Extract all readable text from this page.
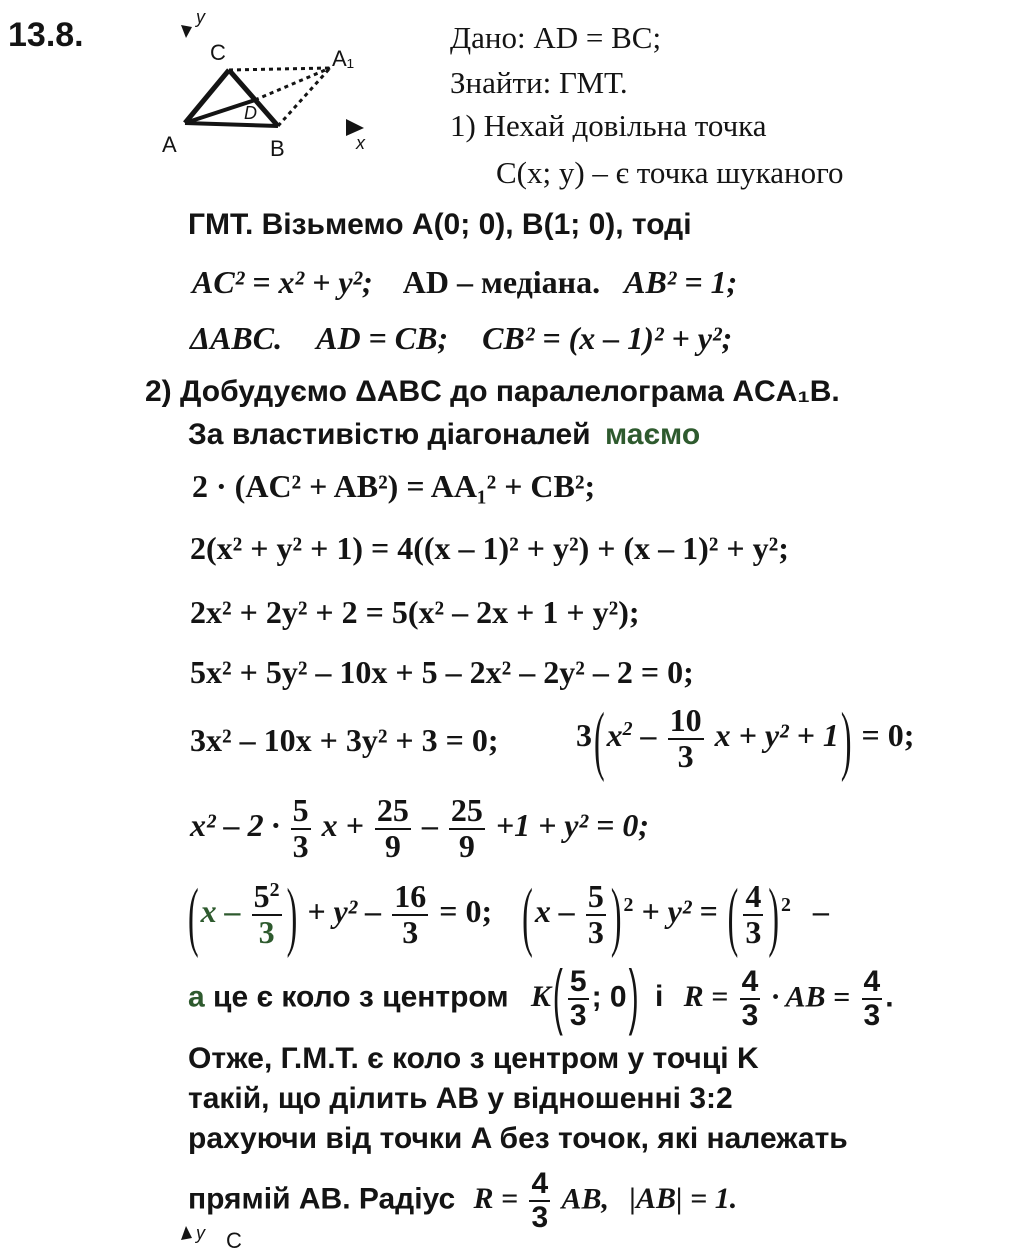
13.8.	y
C	A₁
D
A	B	x
Дано: AD = BC;
Знайти: ГМТ.
1) Нехай довільна точка
C(x; y) – є точка шуканого
ГМТ. Візьмемо A(0; 0), B(1; 0), тоді
AC² = x² + y²; AD – медіана. AB² = 1;
ΔABC. AD = CB; CB² = (x – 1)² + y²;
2) Добудуємо ΔABC до паралелограма ACA₁B.
За властивістю діагоналей маємо
2 · (AC² + AB²) = AA₁² + CB²;
2(x² + y² + 1) = 4((x – 1)² + y²) + (x – 1)² + y²;
2x² + 2y² + 2 = 5(x² – 2x + 1 + y²);
5x² + 5y² – 10x + 5 – 2x² – 2y² – 2 = 0;
3x² – 10x + 3y² + 3 = 0; $3(x^2 - \frac{10}{3}$ x + y² + 1) = 0;
$x^2 - 2 \cdot \frac{5}{3}$ $x + \frac{25}{9} - \frac{25}{9} +1 + y^2 = 0$;
($x - \frac{5^2}{3}$ ) + $y^2 - \frac{16}{3} = 0$; ($x - \frac{5}{3}$ ) $^2$ + y² = ( $\frac{4}{3}$ ) $^2$ –
а це є коло з центром $K( \frac{5}{3}$ ; 0) і $R = \frac{4}{3}$ · AB = $\frac{4}{3}$ .
Отже, Г.М.Т. є коло з центром у точці K
такій, що ділить AB у відношенні 3:2
рахуючи від точки A без точок, які належать
прямій AB. Радіус $R = \frac{4}{3}$ AB, |AB| = 1.
y C
